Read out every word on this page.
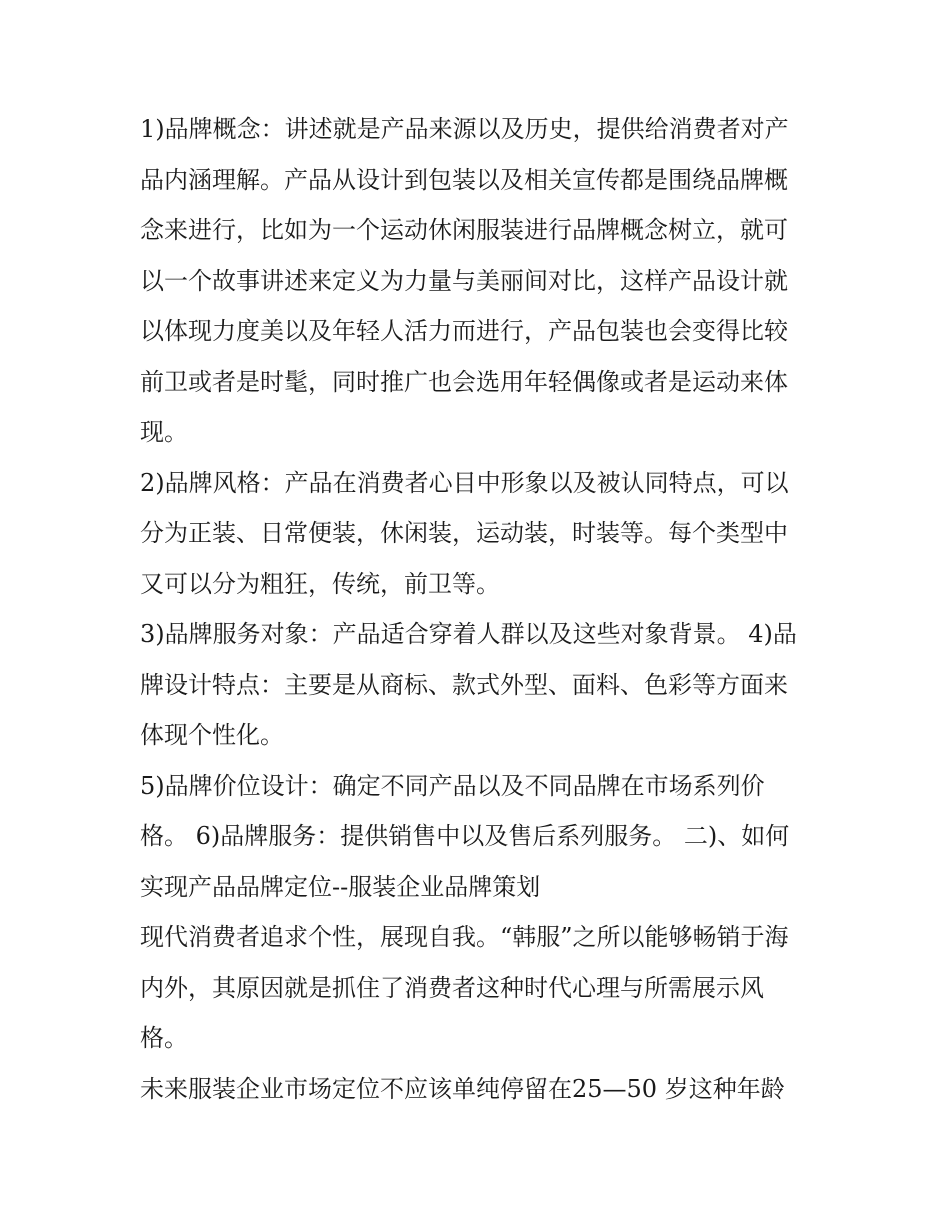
1)品牌概念：讲述就是产品来源以及历史，提供给消费者对产
品内涵理解。产品从设计到包装以及相关宣传都是围绕品牌概
念来进行，比如为一个运动休闲服装进行品牌概念树立，就可
以一个故事讲述来定义为力量与美丽间对比，这样产品设计就
以体现力度美以及年轻人活力而进行，产品包装也会变得比较
前卫或者是时髦，同时推广也会选用年轻偶像或者是运动来体
现。
2)品牌风格：产品在消费者心目中形象以及被认同特点，可以
分为正装、日常便装，休闲装，运动装，时装等。每个类型中
又可以分为粗狂，传统，前卫等。
3)品牌服务对象：产品适合穿着人群以及这些对象背景。 4)品
牌设计特点：主要是从商标、款式外型、面料、色彩等方面来
体现个性化。
5)品牌价位设计：确定不同产品以及不同品牌在市场系列价
格。 6)品牌服务：提供销售中以及售后系列服务。 二)、如何
实现产品品牌定位--服装企业品牌策划
现代消费者追求个性，展现自我。“韩服”之所以能够畅销于海
内外，其原因就是抓住了消费者这种时代心理与所需展示风
格。
未来服装企业市场定位不应该单纯停留在25—50 岁这种年龄
